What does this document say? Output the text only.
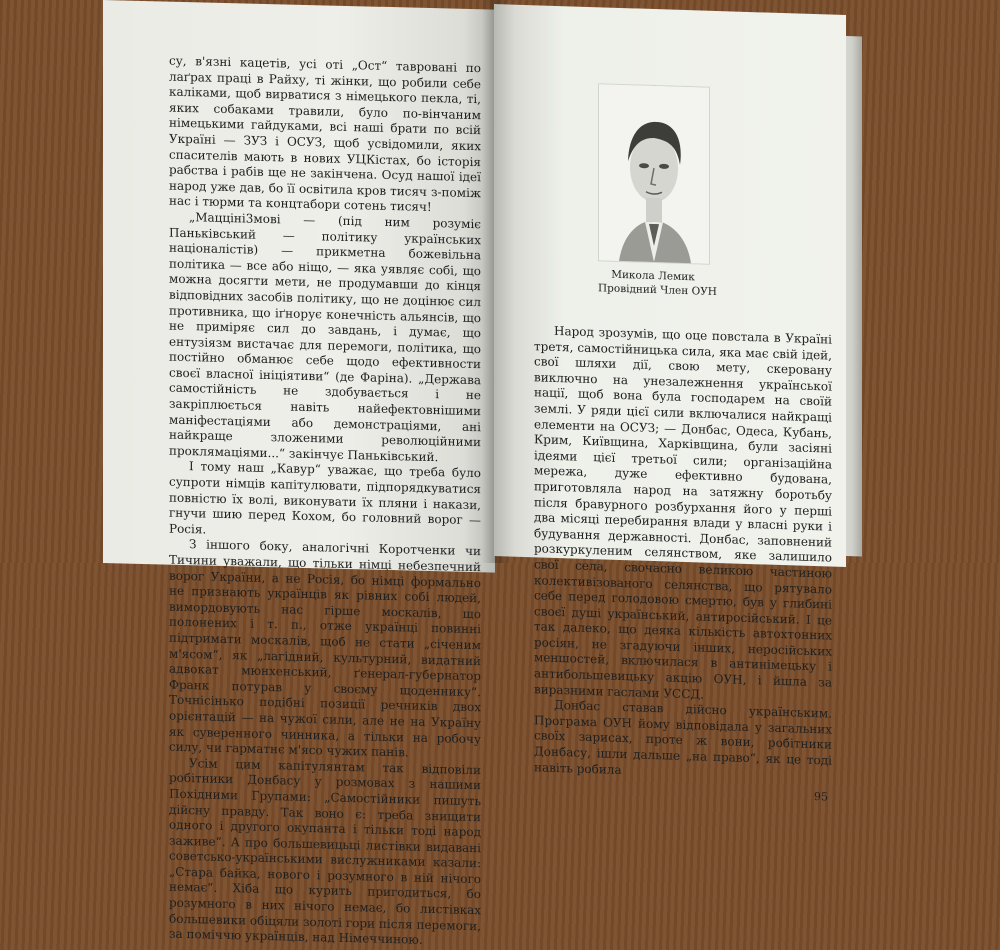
су, в'язні кацетів, усі оті „Ост“ таврованi по лаґрах праці в Райху, ті жінки, що робили себе калiками, щоб вирватися з нiмецького пекла, ті, яких собаками травили, було по-вiнчаним нiмецькими гайдуками, всi наші брати по всій Україні — ЗУЗ і ОСУЗ, щоб усвiдомили, яких спасителів мають в нових УЦКістах, бо історія рабства i рабів ще не закінчена. Осуд нашої ідеї народ уже дав, бо її освітила кров тисяч з-поміж нас і тюрми та концтабори сотень тисяч!

„Мацціні3мові — (під ним розуміє Паньківський — політику українських націоналістів) — прикметна божевiльна політика — все або нiщо, — яка уявляє собі, що можна досягти мети, не продумавши до кінця відповідних засобів політику, що не доцінює сил противника, що іґнорує конечність альянсів, що не примiряє сил до завдань, і думає, що ентузіязм вистачає для перемоги, політика, що постійно обманює себе щодо ефективности своєї власної ініціятиви“ (де Фаріна). „Держава самостійність не здобувається і не закріплюється навіть найефектовнішими маніфестаціями або демонстраціями, ані найкраще зложеними революційними проклямаціями...“ закінчує Паньківський.

І тому наш „Кавур“ уважає, що треба було супроти німців капітулювати, підпорядкуватися повністю їх волі, виконувати їх пляни і накази, гнучи шию перед Кохом, бо головний ворог — Росія.

З іншого боку, аналогічні Коротченки чи Тичини уважали, що тільки німці небезпечний ворог України, а не Росія, бо німці формально не признають українців як рівних собі людей, вимордовують нас гірше москалів, що полонених і т. п., отже українці повинні підтримати москалів, щоб не стати „січеним м'ясом“, як „лагідний, культурний, видатний адвокат мюнхенський, ґенерал-губернатор Франк потурав у своєму щоденнику“. Точнісінько подібні позиції речників двох орієнтацій — на чужої сили, але не на Україну як суверенного чинника, а тільки на робочу силу, чи гарматнє м'ясо чужих панів.

Усім цим капітулянтам так відповіли робітники Донбасу у розмовах з нашими Похідними Групами: „Самостійники пишуть дійсну правду. Так воно є: треба знищити одного і другого окупанта і тільки тоді народ заживе“. А про большевицьці листівки видавані советсько-українськими вислужниками казали: „Стара байка, нового і розумного в ній нічого немає“. Хіба що курить пригодиться, бо розумного в них нічого немає, бо листівках большевики обіцяли золоті гори після перемоги, за поміччю українців, над Німеччиною.

Микола Лемик
Провідний Член ОУН

Народ зрозумів, що оце повстала в Україні третя, самостійницька сила, яка має свій ідей, свої шляхи дії, свою мету, скеровану виключно на унезалежнення української нації, щоб вона була господарем на своїй землі. У ряди цієї сили включалися найкращі елементи на ОСУЗ; — Донбас, Одеса, Кубань, Крим, Київщина, Харківщина, були засіяні ідеями цієї третьої сили; організаційна мережа, дуже ефективно будована, приготовляла народ на затяжну боротьбу після бравурного розбурхання його у перші два місяці перебирання влади у власні руки і будування державності. Донбас, заповнений розкуркуленим селянством, яке залишило свої села, свочасно великою частиною колективізованого селянства, що рятувало себе перед голодовою смертю, був у глибині своєї душі український, антиросійський. І це так далеко, що деяка кількість автохтонних росіян, не згадуючи інших, неросійських меншостей, включилася в антинімецьку і антибольшевицьку акцію ОУН, і йшла за виразними гаслами УССД.

Донбас ставав дійсно українським. Програма ОУН йому відповідала у загальних своїх зарисах, проте ж вони, робітники Донбасу, ішли дальше „на право“, як це тоді навіть робила

95
